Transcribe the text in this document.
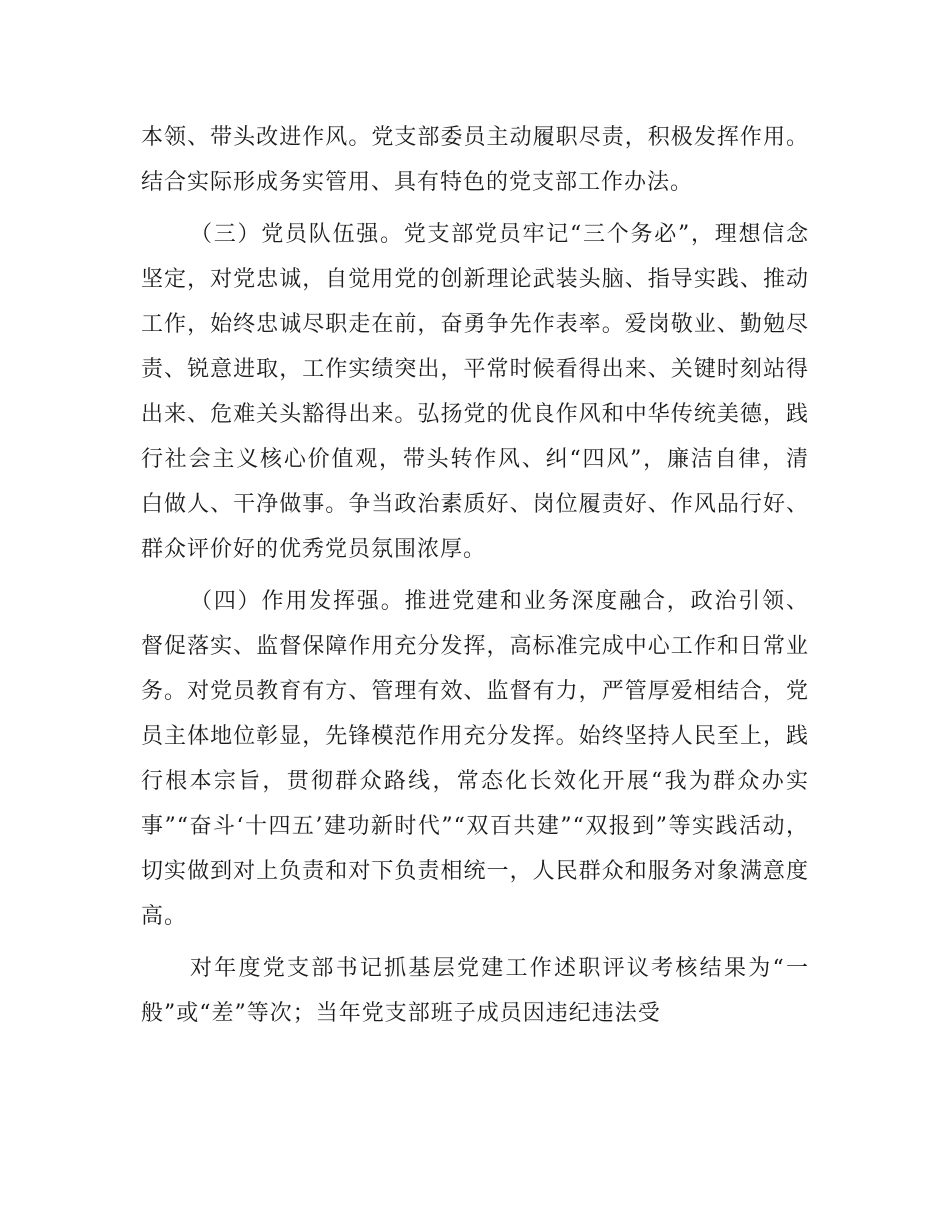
本领、带头改进作风。党支部委员主动履职尽责，积极发挥作用。结合实际形成务实管用、具有特色的党支部工作办法。

（三）党员队伍强。党支部党员牢记“三个务必”，理想信念坚定，对党忠诚，自觉用党的创新理论武装头脑、指导实践、推动工作，始终忠诚尽职走在前，奋勇争先作表率。爱岗敬业、勤勉尽责、锐意进取，工作实绩突出，平常时候看得出来、关键时刻站得出来、危难关头豁得出来。弘扬党的优良作风和中华传统美德，践行社会主义核心价值观，带头转作风、纠“四风”，廉洁自律，清白做人、干净做事。争当政治素质好、岗位履责好、作风品行好、群众评价好的优秀党员氛围浓厚。

（四）作用发挥强。推进党建和业务深度融合，政治引领、督促落实、监督保障作用充分发挥，高标准完成中心工作和日常业务。对党员教育有方、管理有效、监督有力，严管厚爱相结合，党员主体地位彰显，先锋模范作用充分发挥。始终坚持人民至上，践行根本宗旨，贯彻群众路线，常态化长效化开展“我为群众办实事”“奋斗‘十四五’建功新时代”“双百共建”“双报到”等实践活动，切实做到对上负责和对下负责相统一，人民群众和服务对象满意度高。

对年度党支部书记抓基层党建工作述职评议考核结果为“一般”或“差”等次；当年党支部班子成员因违纪违法受
